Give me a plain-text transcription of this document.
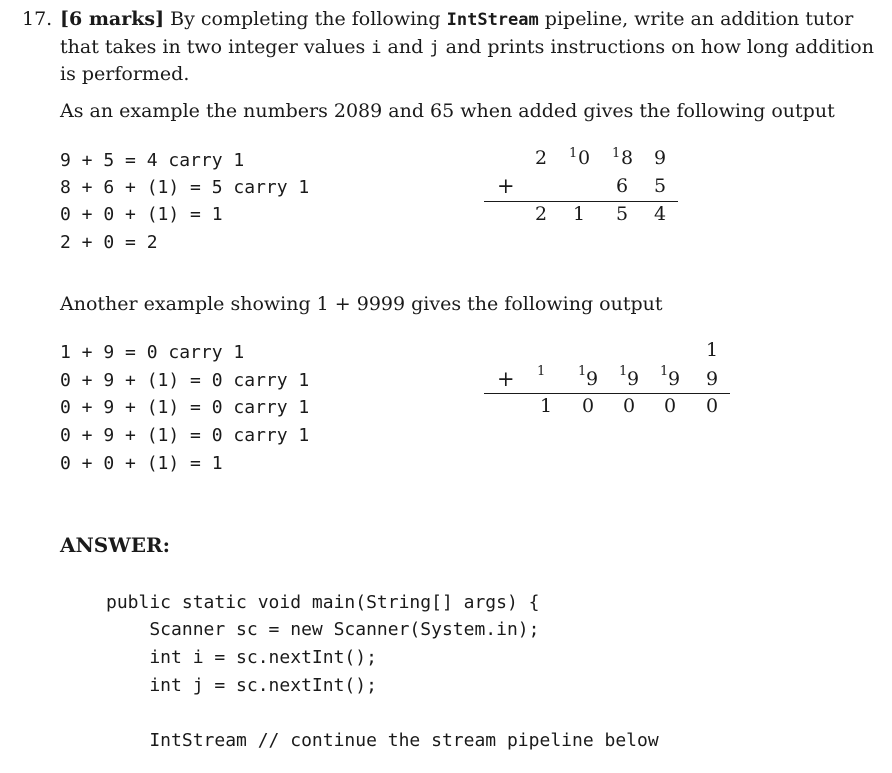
17. [6 marks] By completing the following IntStream pipeline, write an addition tutor
that takes in two integer values i and j and prints instructions on how long addition
is performed.
As an example the numbers 2089 and 65 when added gives the following output
9 + 5 = 4 carry 1
8 + 6 + (1) = 5 carry 1
0 + 0 + (1) = 1
2 + 0 = 2
2 1 0 1 8 9
+	6 5
2 1 5 4
Another example showing 1 + 9999 gives the following output
1 + 9 = 0 carry 1
0 + 9 + (1) = 0 carry 1
0 + 9 + (1) = 0 carry 1
0 + 9 + (1) = 0 carry 1
0 + 0 + (1) = 1
1
+ 1	1 9 1 9 1 9 9
1 0 0 0 0
ANSWER:
public static void main(String[] args) {
Scanner sc = new Scanner(System.in);
int i = sc.nextInt();
int j = sc.nextInt();
IntStream // continue the stream pipeline below
